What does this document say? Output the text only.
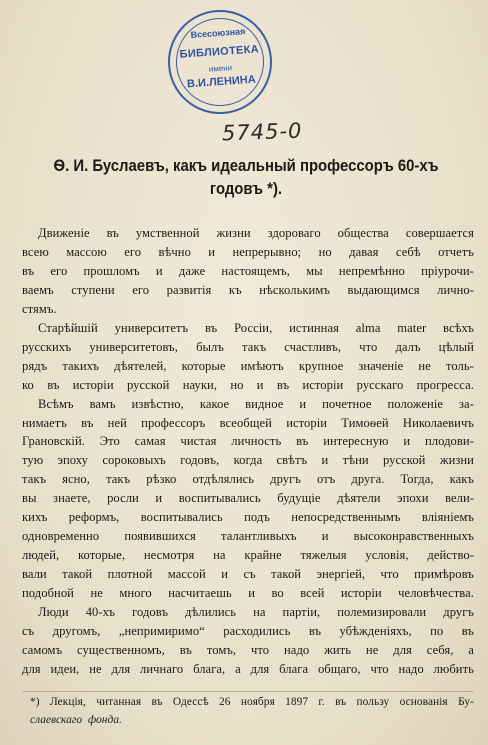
Всесоюзная
БИБЛИОТЕКА
имени
В.И.ЛЕНИНА
5745-0
Ѳ. И. Буслаевъ, какъ идеальный профессоръ 60-хъ
годовъ *).
Движеніе въ умственной жизни здороваго общества совершается
всею массою его вѣчно и непрерывно; но давая себѣ отчетъ
въ его прошломъ и даже настоящемъ, мы непремѣнно пріурочи-
ваемъ ступени его развитія къ нѣсколькимъ выдающимся лично-
стямъ.
Старѣйшій университетъ въ Россіи, истинная alma mater всѣхъ
русскихъ университетовъ, былъ такъ счастливъ, что далъ цѣлый
рядъ такихъ дѣятелей, которые имѣютъ крупное значеніе не толь-
ко въ исторіи русской науки, но и въ исторіи русскаго прогресса.
Всѣмъ вамъ извѣстно, какое видное и почетное положеніе за-
нимаетъ въ ней профессоръ всеобщей исторіи Тимоѳей Николаевичъ
Грановскій. Это самая чистая личность въ интересную и плодови-
тую эпоху сороковыхъ годовъ, когда свѣтъ и тѣни русской жизни
такъ ясно, такъ рѣзко отдѣлялись другъ отъ друга. Тогда, какъ
вы знаете, росли и воспитывались будущіе дѣятели эпохи вели-
кихъ реформъ, воспитывались подъ непосредственнымъ вліяніемъ
одновременно появившихся талантливыхъ и высоконравственныхъ
людей, которые, несмотря на крайне тяжелыя условія, действо-
вали такой плотной массой и съ такой энергіей, что примѣровъ
подобной не много насчитаешь и во всей исторіи человѣчества.
Люди 40-хъ годовъ дѣлились на партіи, полемизировали другъ
съ другомъ, „непримиримо“ расходились въ убѣжденіяхъ, по въ
самомъ существенномъ, въ томъ, что надо жить не для себя, а
для идеи, не для личнаго блага, а для блага общаго, что надо любить
*) Лекція, читанная въ Одессѣ 26 ноября 1897 г. въ пользу основанія Бу-
слаевскаго фонда.
